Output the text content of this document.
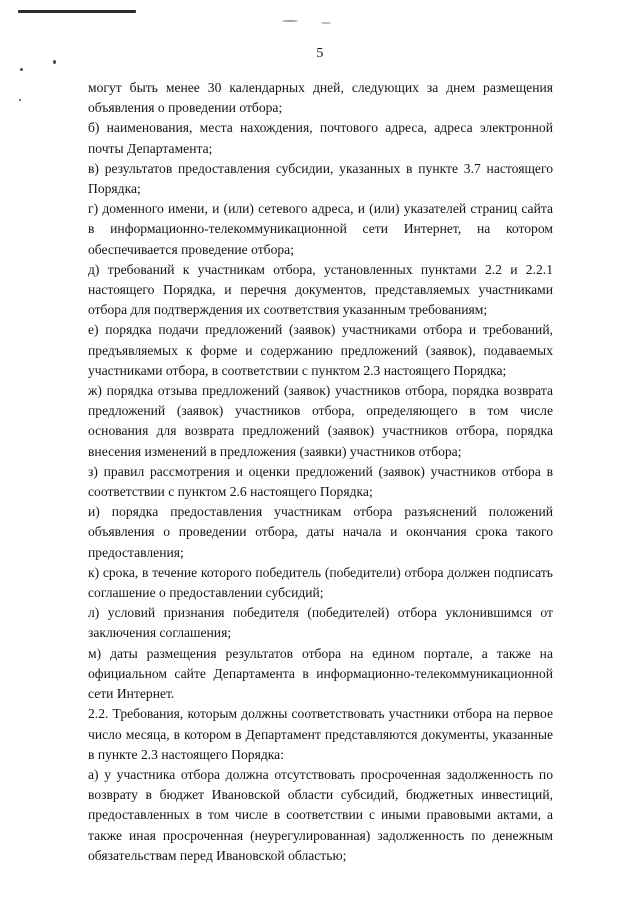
5

могут быть менее 30 календарных дней, следующих за днем размещения объявления о проведении отбора;

б) наименования, места нахождения, почтового адреса, адреса электронной почты Департамента;

в) результатов предоставления субсидии, указанных в пункте 3.7 настоящего Порядка;

г) доменного имени, и (или) сетевого адреса, и (или) указателей страниц сайта в информационно-телекоммуникационной сети Интернет, на котором обеспечивается проведение отбора;

д) требований к участникам отбора, установленных пунктами 2.2 и 2.2.1 настоящего Порядка, и перечня документов, представляемых участниками отбора для подтверждения их соответствия указанным требованиям;

е) порядка подачи предложений (заявок) участниками отбора и требований, предъявляемых к форме и содержанию предложений (заявок), подаваемых участниками отбора, в соответствии с пунктом 2.3 настоящего Порядка;

ж) порядка отзыва предложений (заявок) участников отбора, порядка возврата предложений (заявок) участников отбора, определяющего в том числе основания для возврата предложений (заявок) участников отбора, порядка внесения изменений в предложения (заявки) участников отбора;

з) правил рассмотрения и оценки предложений (заявок) участников отбора в соответствии с пунктом 2.6 настоящего Порядка;

и) порядка предоставления участникам отбора разъяснений положений объявления о проведении отбора, даты начала и окончания срока такого предоставления;

к) срока, в течение которого победитель (победители) отбора должен подписать соглашение о предоставлении субсидий;

л) условий признания победителя (победителей) отбора уклонившимся от заключения соглашения;

м) даты размещения результатов отбора на едином портале, а также на официальном сайте Департамента в информационно-телекоммуникационной сети Интернет.

2.2. Требования, которым должны соответствовать участники отбора на первое число месяца, в котором в Департамент представляются документы, указанные в пункте 2.3 настоящего Порядка:

а) у участника отбора должна отсутствовать просроченная задолженность по возврату в бюджет Ивановской области субсидий, бюджетных инвестиций, предоставленных в том числе в соответствии с иными правовыми актами, а также иная просроченная (неурегулированная) задолженность по денежным обязательствам перед Ивановской областью;
